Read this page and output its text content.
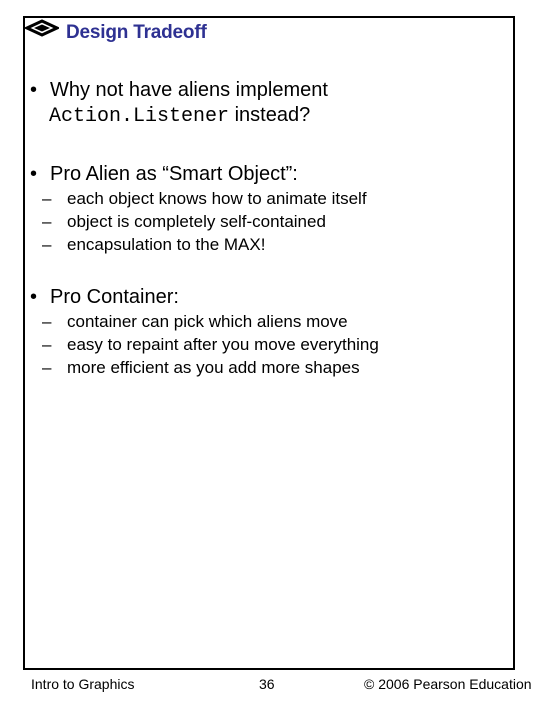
Design Tradeoff
• Why not have aliens implement
Action.Listener instead?
• Pro Alien as “Smart Object”:
– each object knows how to animate itself
– object is completely self-contained
– encapsulation to the MAX!
• Pro Container:
– container can pick which aliens move
– easy to repaint after you move everything
– more efficient as you add more shapes
Intro to Graphics	36	© 2006 Pearson Education
